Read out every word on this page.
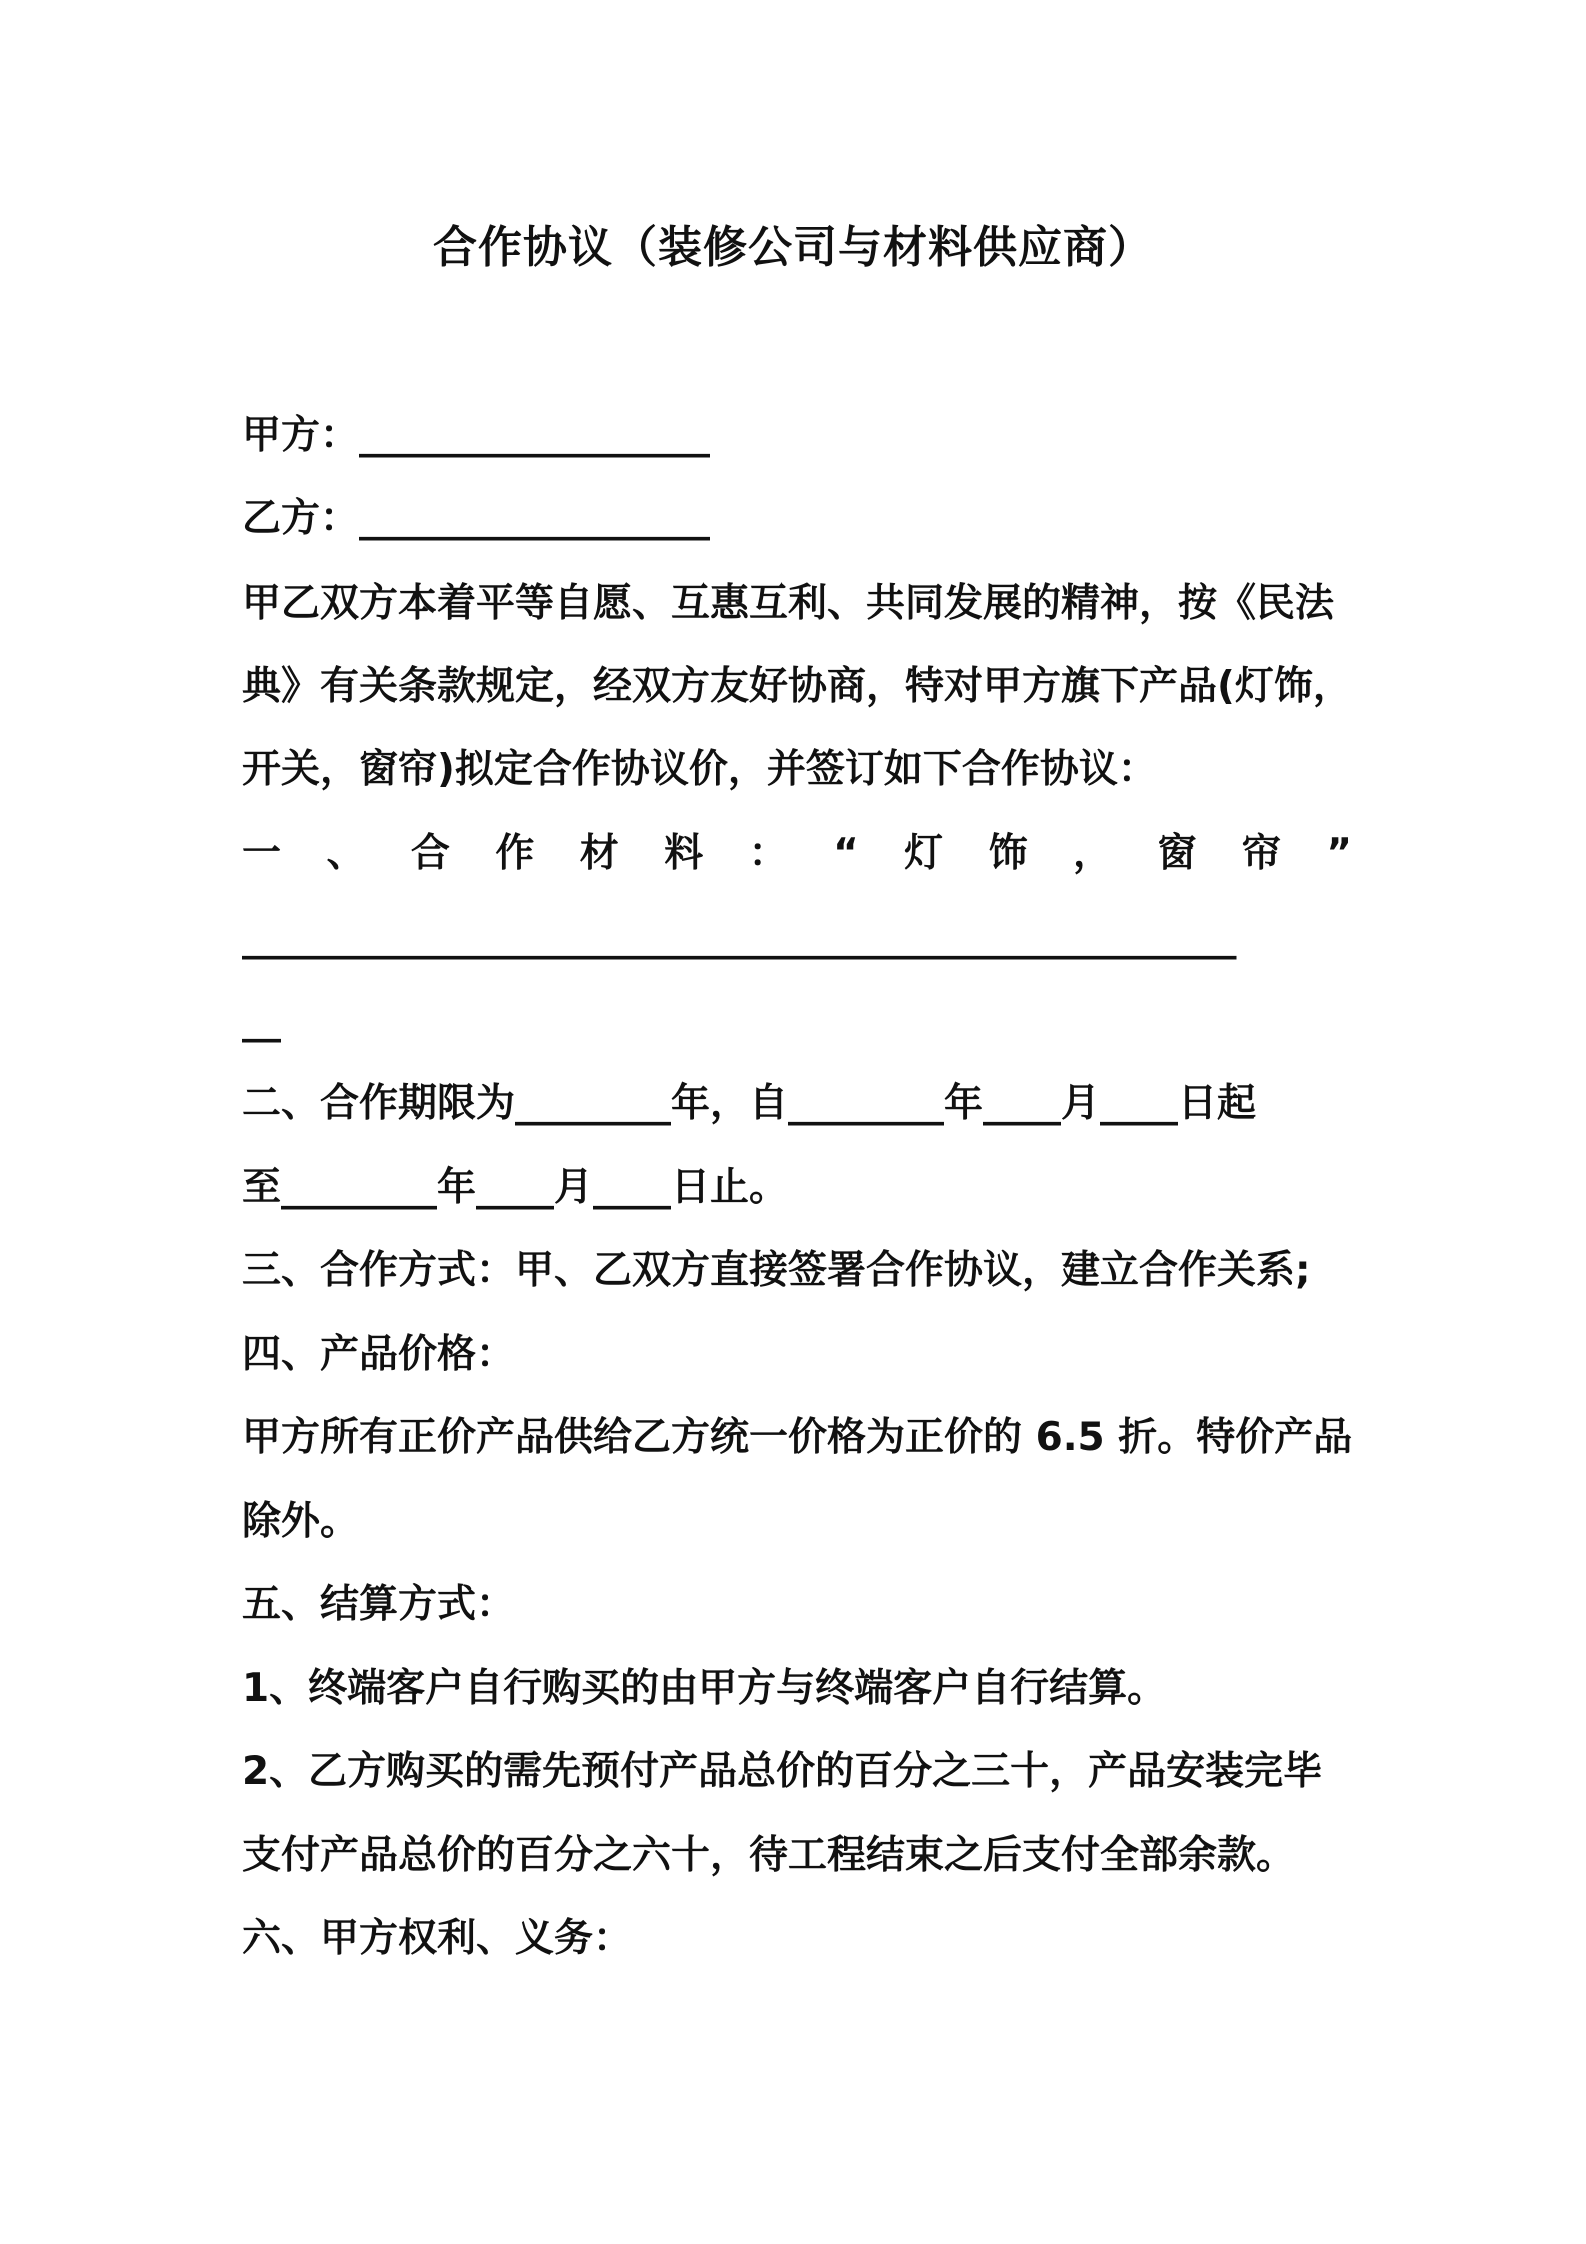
合作协议（装修公司与材料供应商）
甲方：__________________
乙方：__________________
甲乙双方本着平等自愿、互惠互利、共同发展的精神，按《民法
典》有关条款规定，经双方友好协商，特对甲方旗下产品(灯饰，
开关，窗帘)拟定合作协议价，并签订如下合作协议：
一 、 合 作 材 料 ： “ 灯 饰 ， 窗 帘 ”
___________________________________________________
__
二、合作期限为________年，自________年____月____日起
至________年____月____日止。
三、合作方式：甲、乙双方直接签署合作协议，建立合作关系;
四、产品价格：
甲方所有正价产品供给乙方统一价格为正价的 6.5 折。特价产品
除外。
五、结算方式：
1、终端客户自行购买的由甲方与终端客户自行结算。
2、乙方购买的需先预付产品总价的百分之三十，产品安装完毕
支付产品总价的百分之六十，待工程结束之后支付全部余款。
六、甲方权利、义务：
